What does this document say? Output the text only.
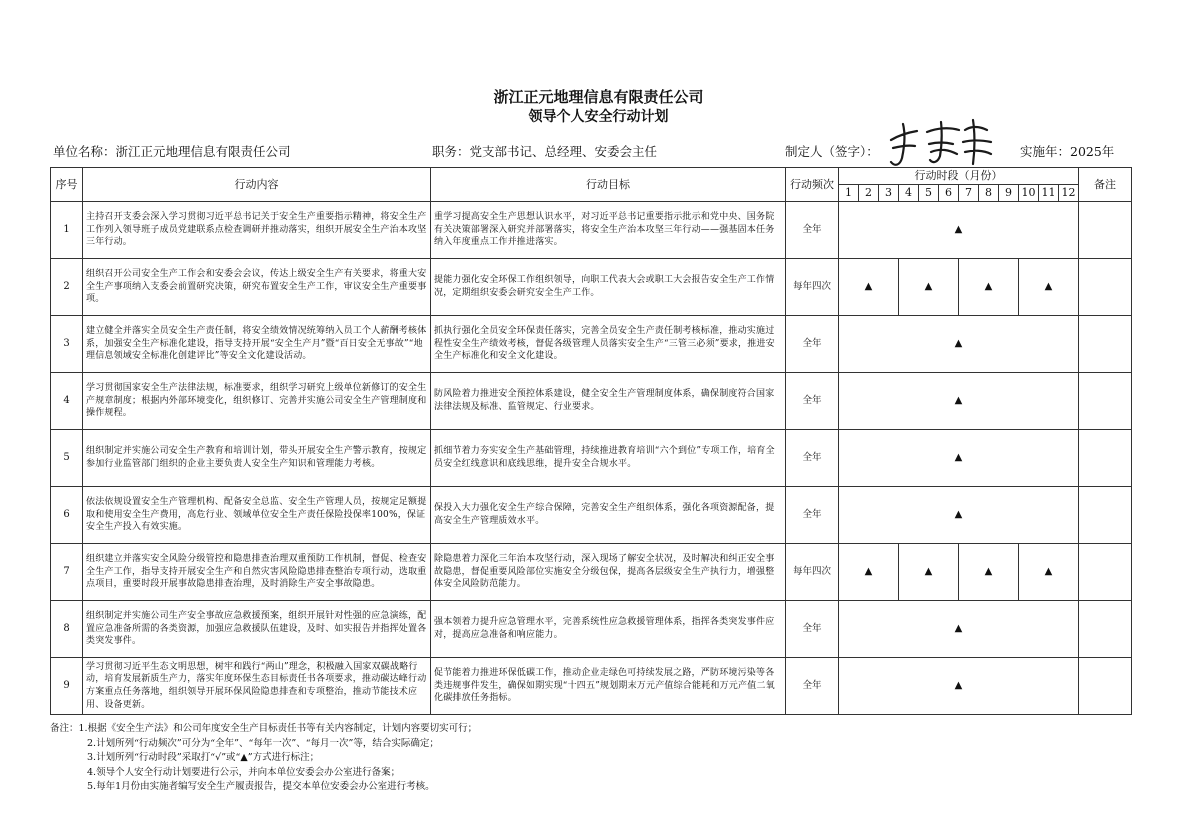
浙江正元地理信息有限责任公司
领导个人安全行动计划
单位名称：浙江正元地理信息有限责任公司	职务：党支部书记、总经理、安委会主任	制定人（签字）：	实施年：2025年
序号	行动内容	行动目标	行动频次	行动时段（月份）												备注
				1	2	3	4	5	6	7	8	9	10	11	12	
1	主持召开支委会深入学习贯彻习近平总书记关于安全生产重要指示精神，将安全生产工作列入领导班子成员党建联系点检查调研并推动落实，组织开展安全生产治本攻坚三年行动。	重学习提高安全生产思想认识水平，对习近平总书记重要指示批示和党中央、国务院有关决策部署深入研究并部署落实，将安全生产治本攻坚三年行动——强基固本任务纳入年度重点工作并推进落实。	全年	▲												
2	组织召开公司安全生产工作会和安委会会议，传达上级安全生产有关要求，将重大安全生产事项纳入支委会前置研究决策，研究布置安全生产工作，审议安全生产重要事项。	提能力强化安全环保工作组织领导，向职工代表大会或职工大会报告安全生产工作情况，定期组织安委会研究安全生产工作。	每年四次	▲			▲			▲			▲			
3	建立健全并落实全员安全生产责任制，将安全绩效情况统筹纳入员工个人薪酬考核体系，加强安全生产标准化建设，指导支持开展“安全生产月”暨“百日安全无事故”“地理信息领域安全标准化创建评比”等安全文化建设活动。	抓执行强化全员安全环保责任落实，完善全员安全生产责任制考核标准，推动实施过程性安全生产绩效考核，督促各级管理人员落实安全生产“三管三必须”要求，推进安全生产标准化和安全文化建设。	全年	▲												
4	学习贯彻国家安全生产法律法规，标准要求，组织学习研究上级单位新修订的安全生产规章制度；根据内外部环境变化，组织修订、完善并实施公司安全生产管理制度和操作规程。	防风险着力推进安全预控体系建设，健全安全生产管理制度体系，确保制度符合国家法律法规及标准、监管规定、行业要求。	全年	▲												
5	组织制定并实施公司安全生产教育和培训计划，带头开展安全生产警示教育，按规定参加行业监管部门组织的企业主要负责人安全生产知识和管理能力考核。	抓细节着力夯实安全生产基础管理，持续推进教育培训“六个到位”专项工作，培育全员安全红线意识和底线思维，提升安全合规水平。	全年	▲												
6	依法依规设置安全生产管理机构、配备安全总监、安全生产管理人员，按规定足额提取和使用安全生产费用，高危行业、领域单位安全生产责任保险投保率100%，保证安全生产投入有效实施。	保投入大力强化安全生产综合保障，完善安全生产组织体系，强化各项资源配备，提高安全生产管理质效水平。	全年	▲												
7	组织建立并落实安全风险分级管控和隐患排查治理双重预防工作机制，督促、检查安全生产工作，指导支持开展安全生产和自然灾害风险隐患排查整治专项行动，选取重点项目，重要时段开展事故隐患排查治理，及时消除生产安全事故隐患。	除隐患着力深化三年治本攻坚行动，深入现场了解安全状况，及时解决和纠正安全事故隐患，督促重要风险部位实施安全分级包保，提高各层级安全生产执行力，增强整体安全风险防范能力。	每年四次	▲			▲			▲			▲			
8	组织制定并实施公司生产安全事故应急救援预案，组织开展针对性强的应急演练，配置应急准备所需的各类资源，加强应急救援队伍建设，及时、如实报告并指挥处置各类突发事件。	强本领着力提升应急管理水平，完善系统性应急救援管理体系，指挥各类突发事件应对，提高应急准备和响应能力。	全年	▲												
9	学习贯彻习近平生态文明思想，树牢和践行“两山”理念，积极融入国家双碳战略行动，培育发展新质生产力，落实年度环保生态目标责任书各项要求，推动碳达峰行动方案重点任务落地，组织领导开展环保风险隐患排查和专项整治，推动节能技术应用、设备更新。	促节能着力推进环保低碳工作，推动企业走绿色可持续发展之路，严防环境污染等各类违规事件发生，确保如期实现“十四五”规划期末万元产值综合能耗和万元产值二氧化碳排放任务指标。	全年	▲												
备注：1.根据《安全生产法》和公司年度安全生产目标责任书等有关内容制定，计划内容要切实可行；
2.计划所列“行动频次”可分为“全年”、“每年一次”、“每月一次”等，结合实际确定；
3.计划所列“行动时段”采取打“√”或“▲”方式进行标注；
4.领导个人安全行动计划要进行公示，并向本单位安委会办公室进行备案；
5.每年1月份由实施者编写安全生产履责报告，提交本单位安委会办公室进行考核。
